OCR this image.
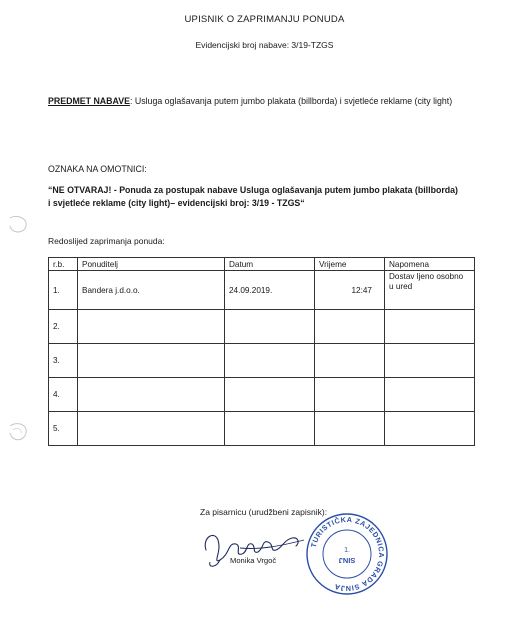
UPISNIK O ZAPRIMANJU PONUDA
Evidencijski broj nabave: 3/19-TZGS
PREDMET NABAVE: Usluga oglašavanja putem jumbo plakata (billborda) i svjetleće reklame (city light)
OZNAKA NA OMOTNICI:
“NE OTVARAJ! - Ponuda za postupak nabave Usluga oglašavanja putem jumbo plakata (billborda) i svjetleće reklame (city light)– evidencijski broj: 3/19 - TZGS“
Redoslijed zaprimanja ponuda:
r.b.	Ponuditelj	Datum	Vrijeme	Napomena
1.	Bandera j.d.o.o.	24.09.2019.	12:47	Dostav ljeno osobno u ured
2.				
3.				
4.				
5.				
Za pisarnicu (urudžbeni zapisnik):
Monika Vrgoč
TURISTIČKA ZAJEDNICA GRADA SINJA
1.
SINJ
